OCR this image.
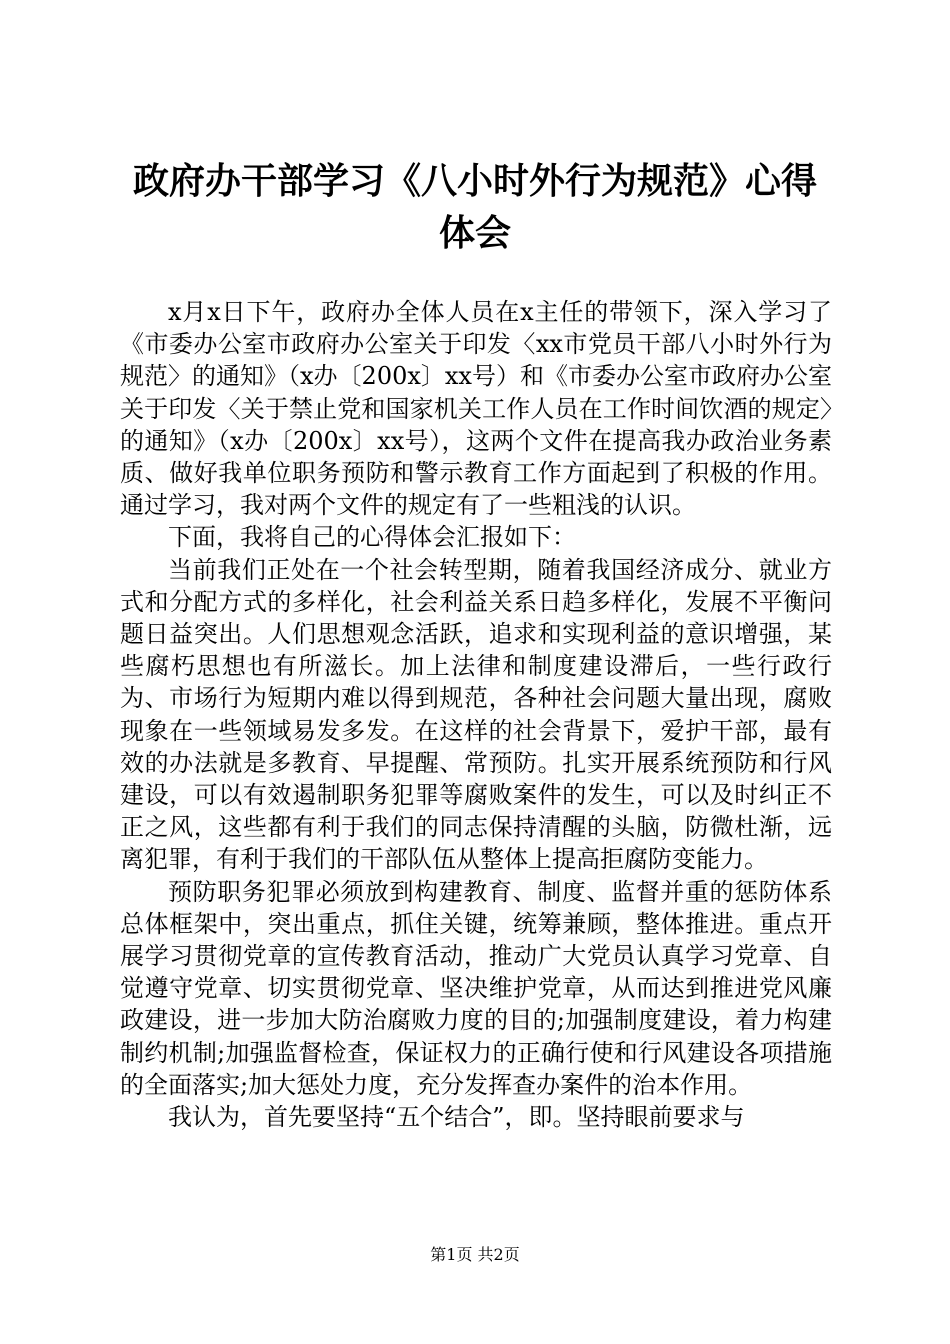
政府办干部学习《八小时外行为规范》心得体会

x月x日下午，政府办全体人员在x主任的带领下，深入学习了《市委办公室市政府办公室关于印发〈xx市党员干部八小时外行为规范〉的通知》（x办〔200x〕xx号）和《市委办公室市政府办公室关于印发〈关于禁止党和国家机关工作人员在工作时间饮酒的规定〉的通知》（x办〔200x〕xx号），这两个文件在提高我办政治业务素质、做好我单位职务预防和警示教育工作方面起到了积极的作用。通过学习，我对两个文件的规定有了一些粗浅的认识。

下面，我将自己的心得体会汇报如下：

当前我们正处在一个社会转型期，随着我国经济成分、就业方式和分配方式的多样化，社会利益关系日趋多样化，发展不平衡问题日益突出。人们思想观念活跃，追求和实现利益的意识增强，某些腐朽思想也有所滋长。加上法律和制度建设滞后，一些行政行为、市场行为短期内难以得到规范，各种社会问题大量出现，腐败现象在一些领域易发多发。在这样的社会背景下，爱护干部，最有效的办法就是多教育、早提醒、常预防。扎实开展系统预防和行风建设，可以有效遏制职务犯罪等腐败案件的发生，可以及时纠正不正之风，这些都有利于我们的同志保持清醒的头脑，防微杜渐，远离犯罪，有利于我们的干部队伍从整体上提高拒腐防变能力。

预防职务犯罪必须放到构建教育、制度、监督并重的惩防体系总体框架中，突出重点，抓住关键，统筹兼顾，整体推进。重点开展学习贯彻党章的宣传教育活动，推动广大党员认真学习党章、自觉遵守党章、切实贯彻党章、坚决维护党章，从而达到推进党风廉政建设，进一步加大防治腐败力度的目的;加强制度建设，着力构建制约机制;加强监督检查，保证权力的正确行使和行风建设各项措施的全面落实;加大惩处力度，充分发挥查办案件的治本作用。

我认为，首先要坚持“五个结合”，即。坚持眼前要求与

第1页 共2页
